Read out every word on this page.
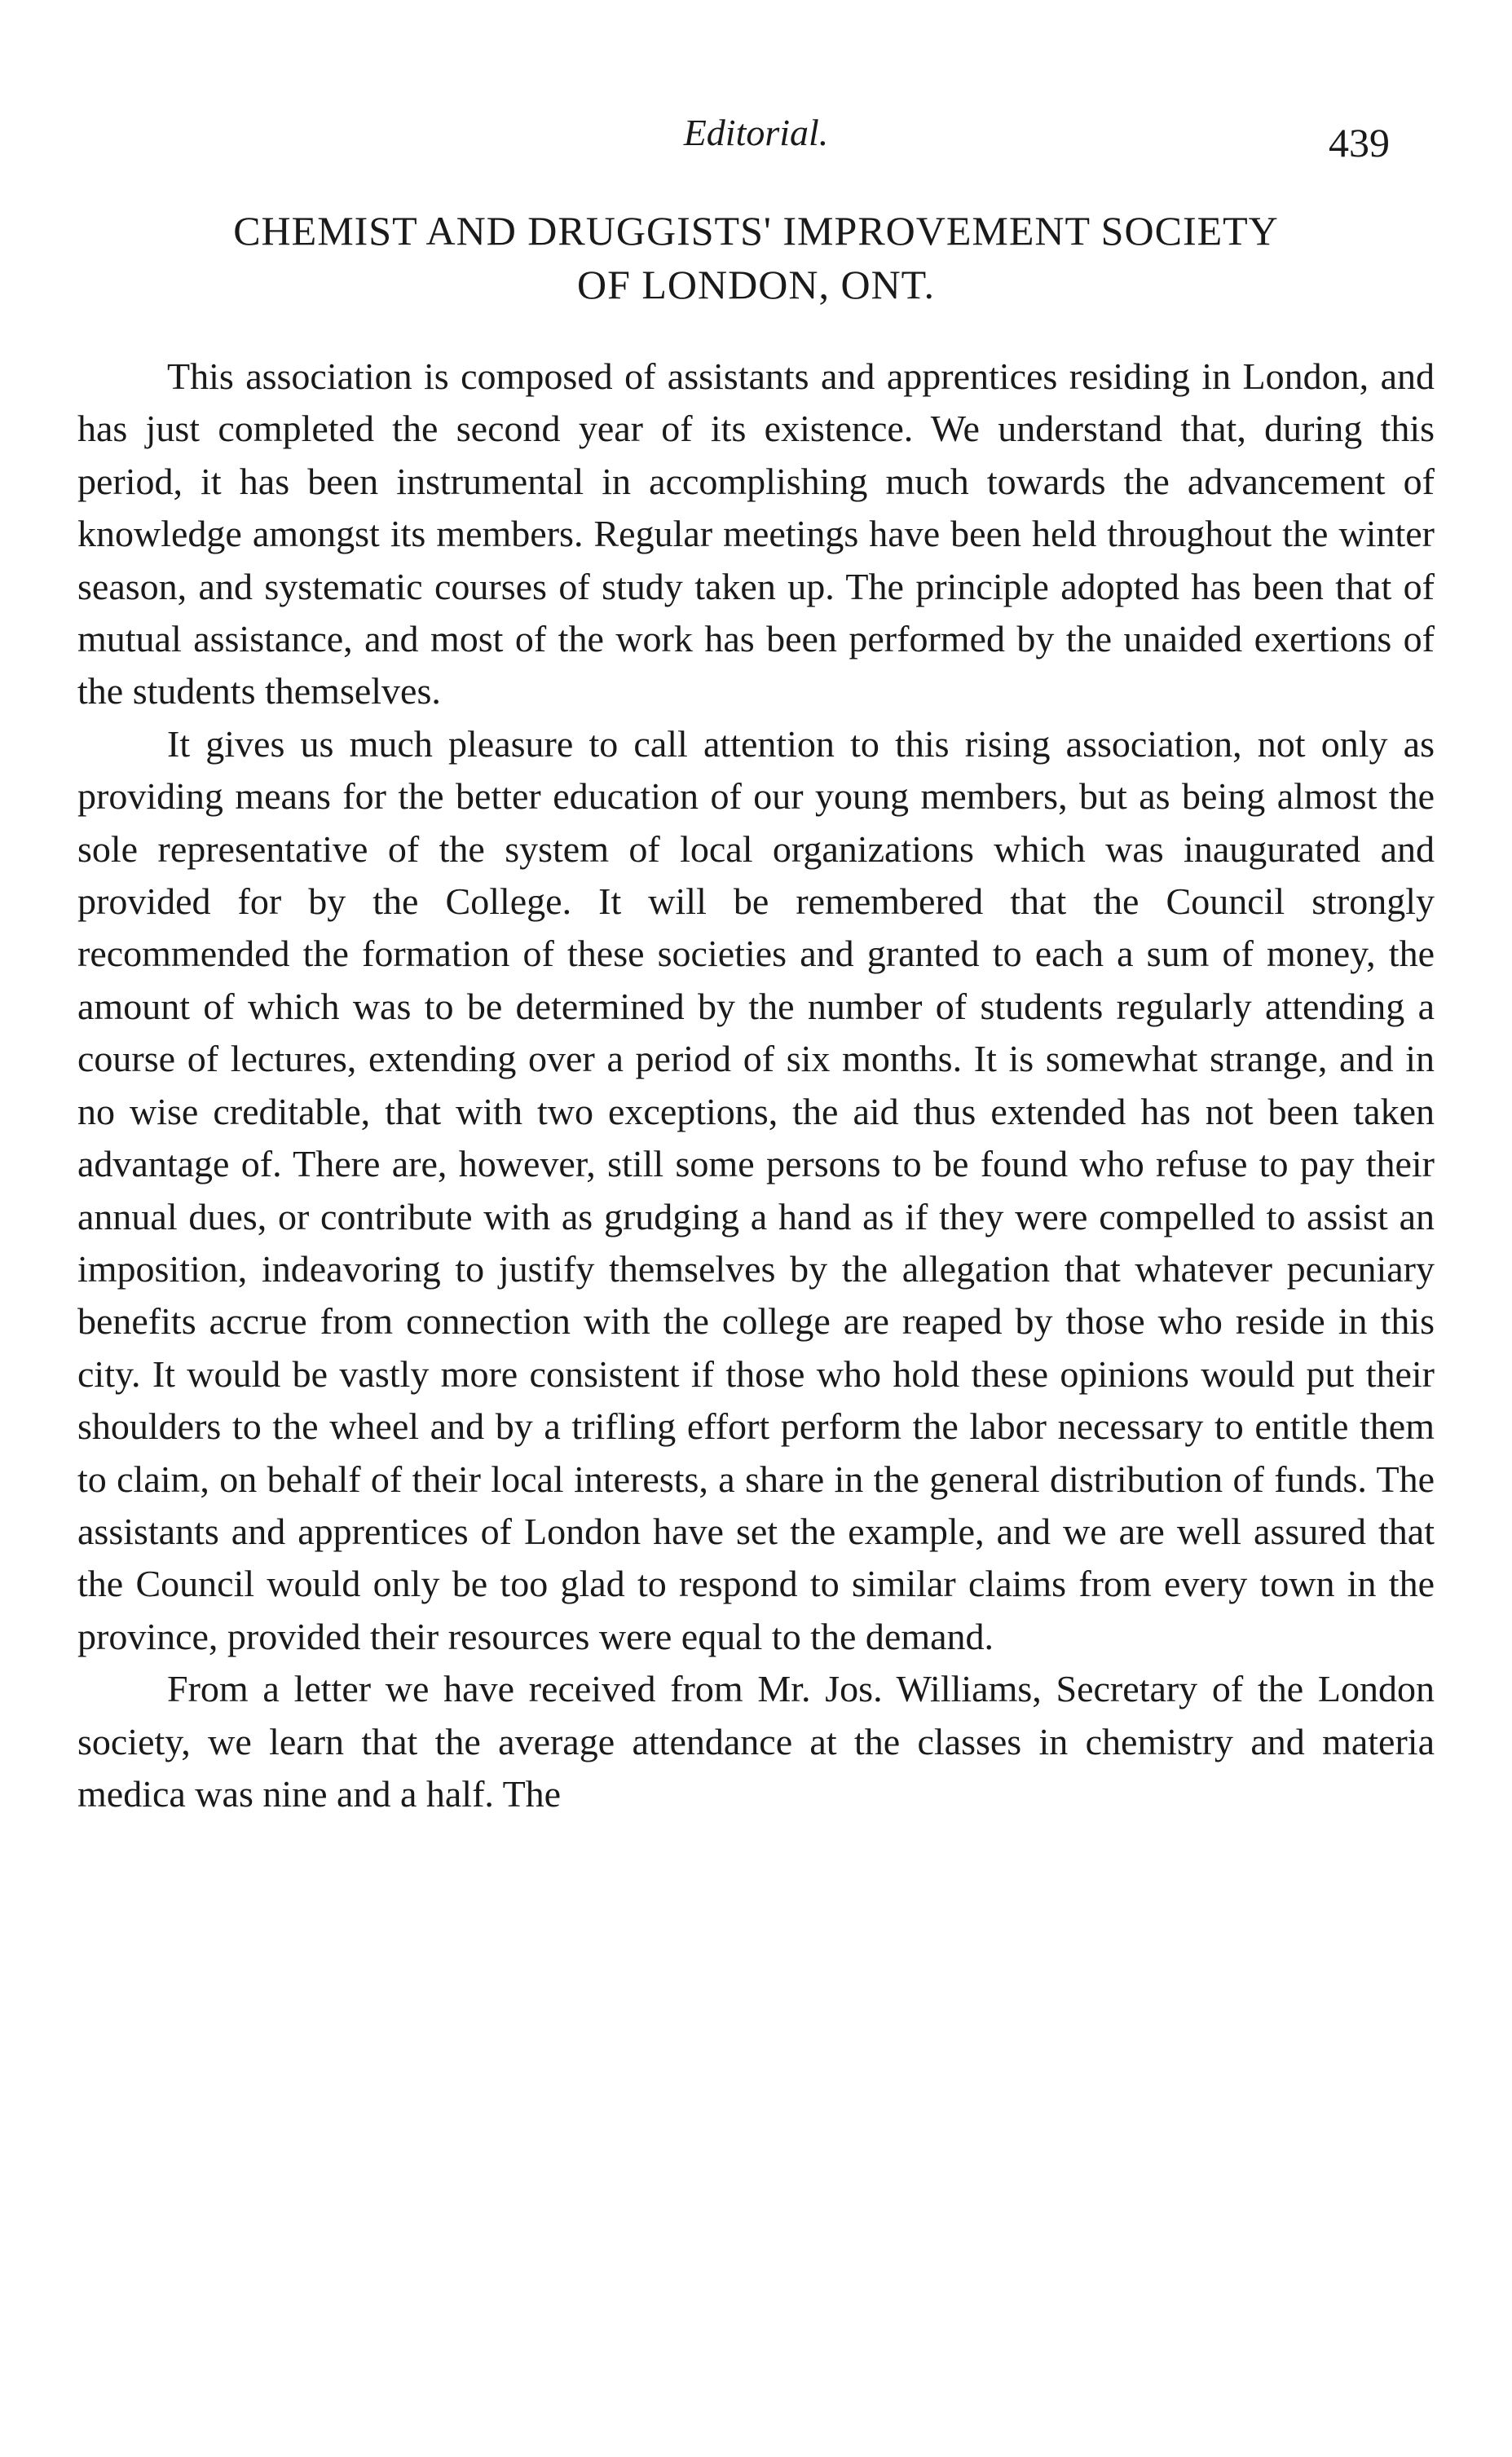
Editorial.	439
CHEMIST AND DRUGGISTS' IMPROVEMENT SOCIETY
OF LONDON, ONT.

This association is composed of assistants and apprentices residing in London, and has just completed the second year of its existence. We understand that, during this period, it has been instrumental in accomplishing much towards the advancement of knowledge amongst its members. Regular meetings have been held throughout the winter season, and systematic courses of study taken up. The principle adopted has been that of mutual assistance, and most of the work has been performed by the unaided exertions of the students themselves.

It gives us much pleasure to call attention to this rising association, not only as providing means for the better education of our young members, but as being almost the sole representative of the system of local organizations which was inaugurated and provided for by the College. It will be remembered that the Council strongly recommended the formation of these societies and granted to each a sum of money, the amount of which was to be determined by the number of students regularly attending a course of lectures, extending over a period of six months. It is somewhat strange, and in no wise creditable, that with two exceptions, the aid thus extended has not been taken advantage of. There are, however, still some persons to be found who refuse to pay their annual dues, or contribute with as grudging a hand as if they were compelled to assist an imposition, indeavoring to justify themselves by the allegation that whatever pecuniary benefits accrue from connection with the college are reaped by those who reside in this city. It would be vastly more consistent if those who hold these opinions would put their shoulders to the wheel and by a trifling effort perform the labor necessary to entitle them to claim, on behalf of their local interests, a share in the general distribution of funds. The assistants and apprentices of London have set the example, and we are well assured that the Council would only be too glad to respond to similar claims from every town in the province, provided their resources were equal to the demand.

From a letter we have received from Mr. Jos. Williams, Secretary of the London society, we learn that the average attendance at the classes in chemistry and materia medica was nine and a half. The
